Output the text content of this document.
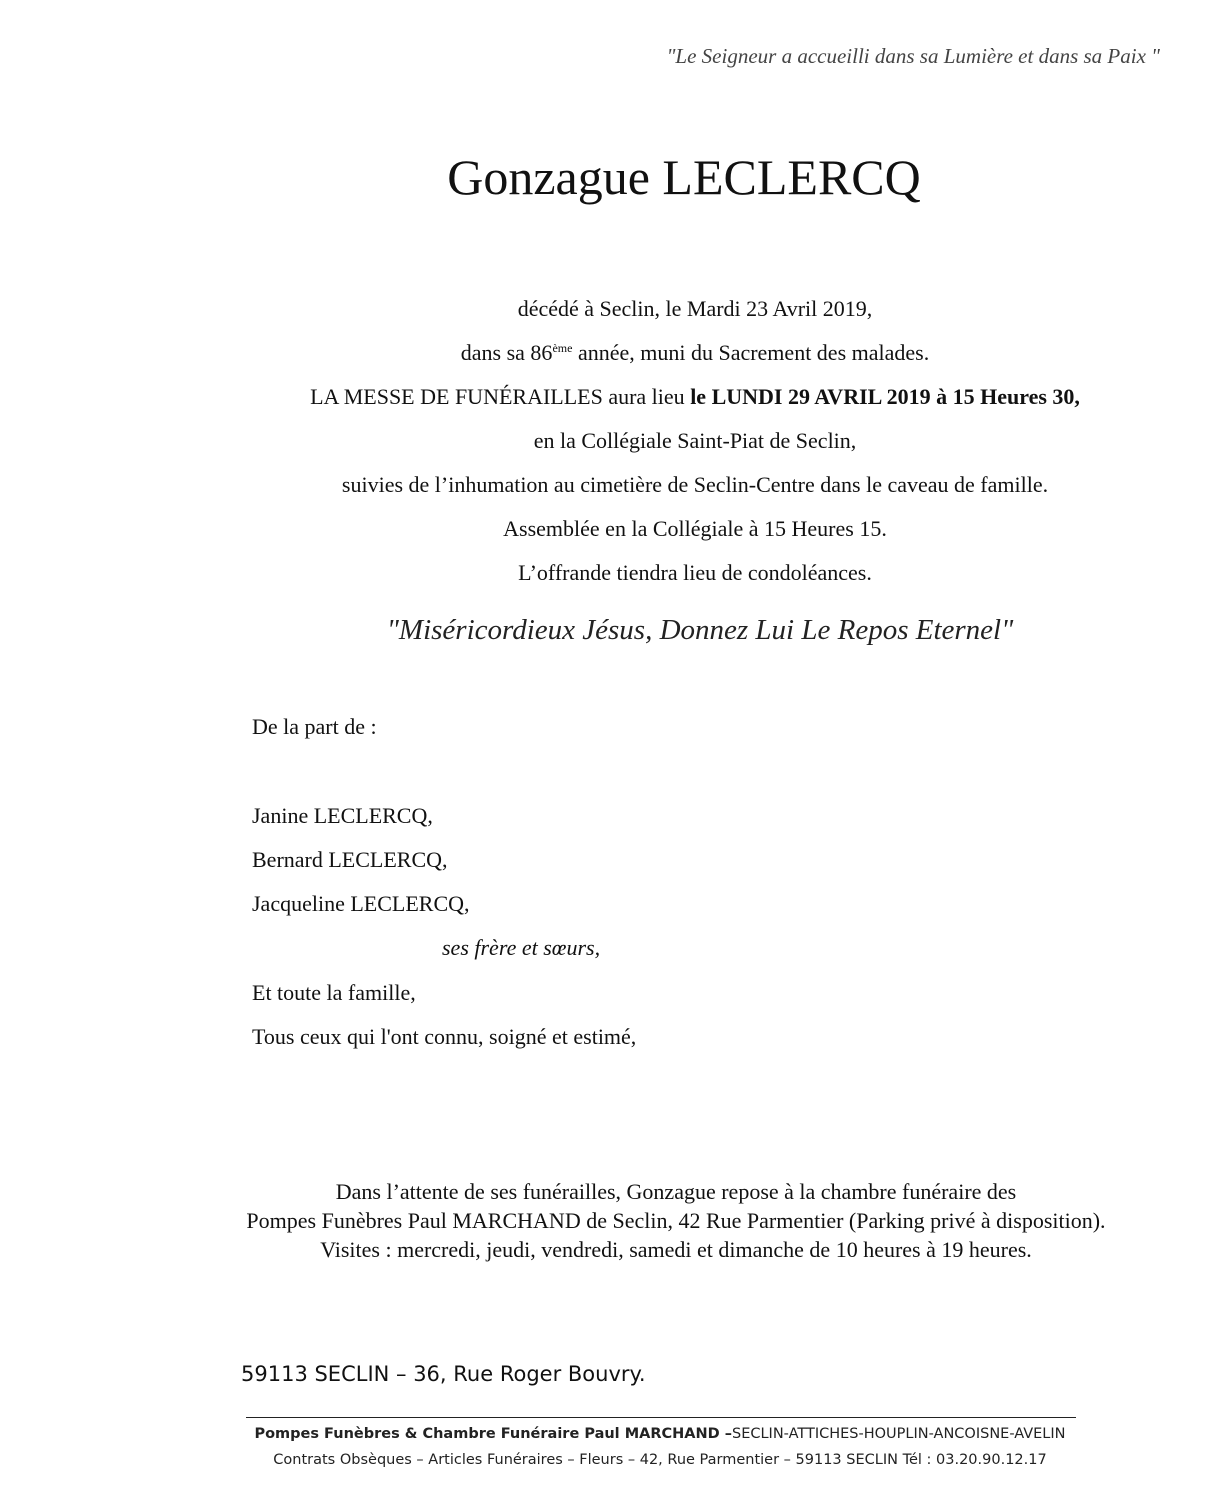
"Le Seigneur a accueilli dans sa Lumière et dans sa Paix "
Gonzague LECLERCQ
décédé à Seclin, le Mardi 23 Avril 2019,
dans sa 86ème année, muni du Sacrement des malades.
LA MESSE DE FUNÉRAILLES aura lieu le LUNDI 29 AVRIL 2019 à 15 Heures 30,
en la Collégiale Saint-Piat de Seclin,
suivies de l’inhumation au cimetière de Seclin-Centre dans le caveau de famille.
Assemblée en la Collégiale à 15 Heures 15.
L’offrande tiendra lieu de condoléances.
"Miséricordieux Jésus, Donnez Lui Le Repos Eternel"
De la part de :
Janine LECLERCQ,
Bernard LECLERCQ,
Jacqueline LECLERCQ,
ses frère et sœurs,
Et toute la famille,
Tous ceux qui l'ont connu, soigné et estimé,
Dans l’attente de ses funérailles, Gonzague repose à la chambre funéraire des
Pompes Funèbres Paul MARCHAND de Seclin, 42 Rue Parmentier (Parking privé à disposition).
Visites : mercredi, jeudi, vendredi, samedi et dimanche de 10 heures à 19 heures.
59113 SECLIN – 36, Rue Roger Bouvry.
Pompes Funèbres & Chambre Funéraire Paul MARCHAND –SECLIN-ATTICHES-HOUPLIN-ANCOISNE-AVELIN
Contrats Obsèques – Articles Funéraires – Fleurs – 42, Rue Parmentier – 59113 SECLIN Tél : 03.20.90.12.17
